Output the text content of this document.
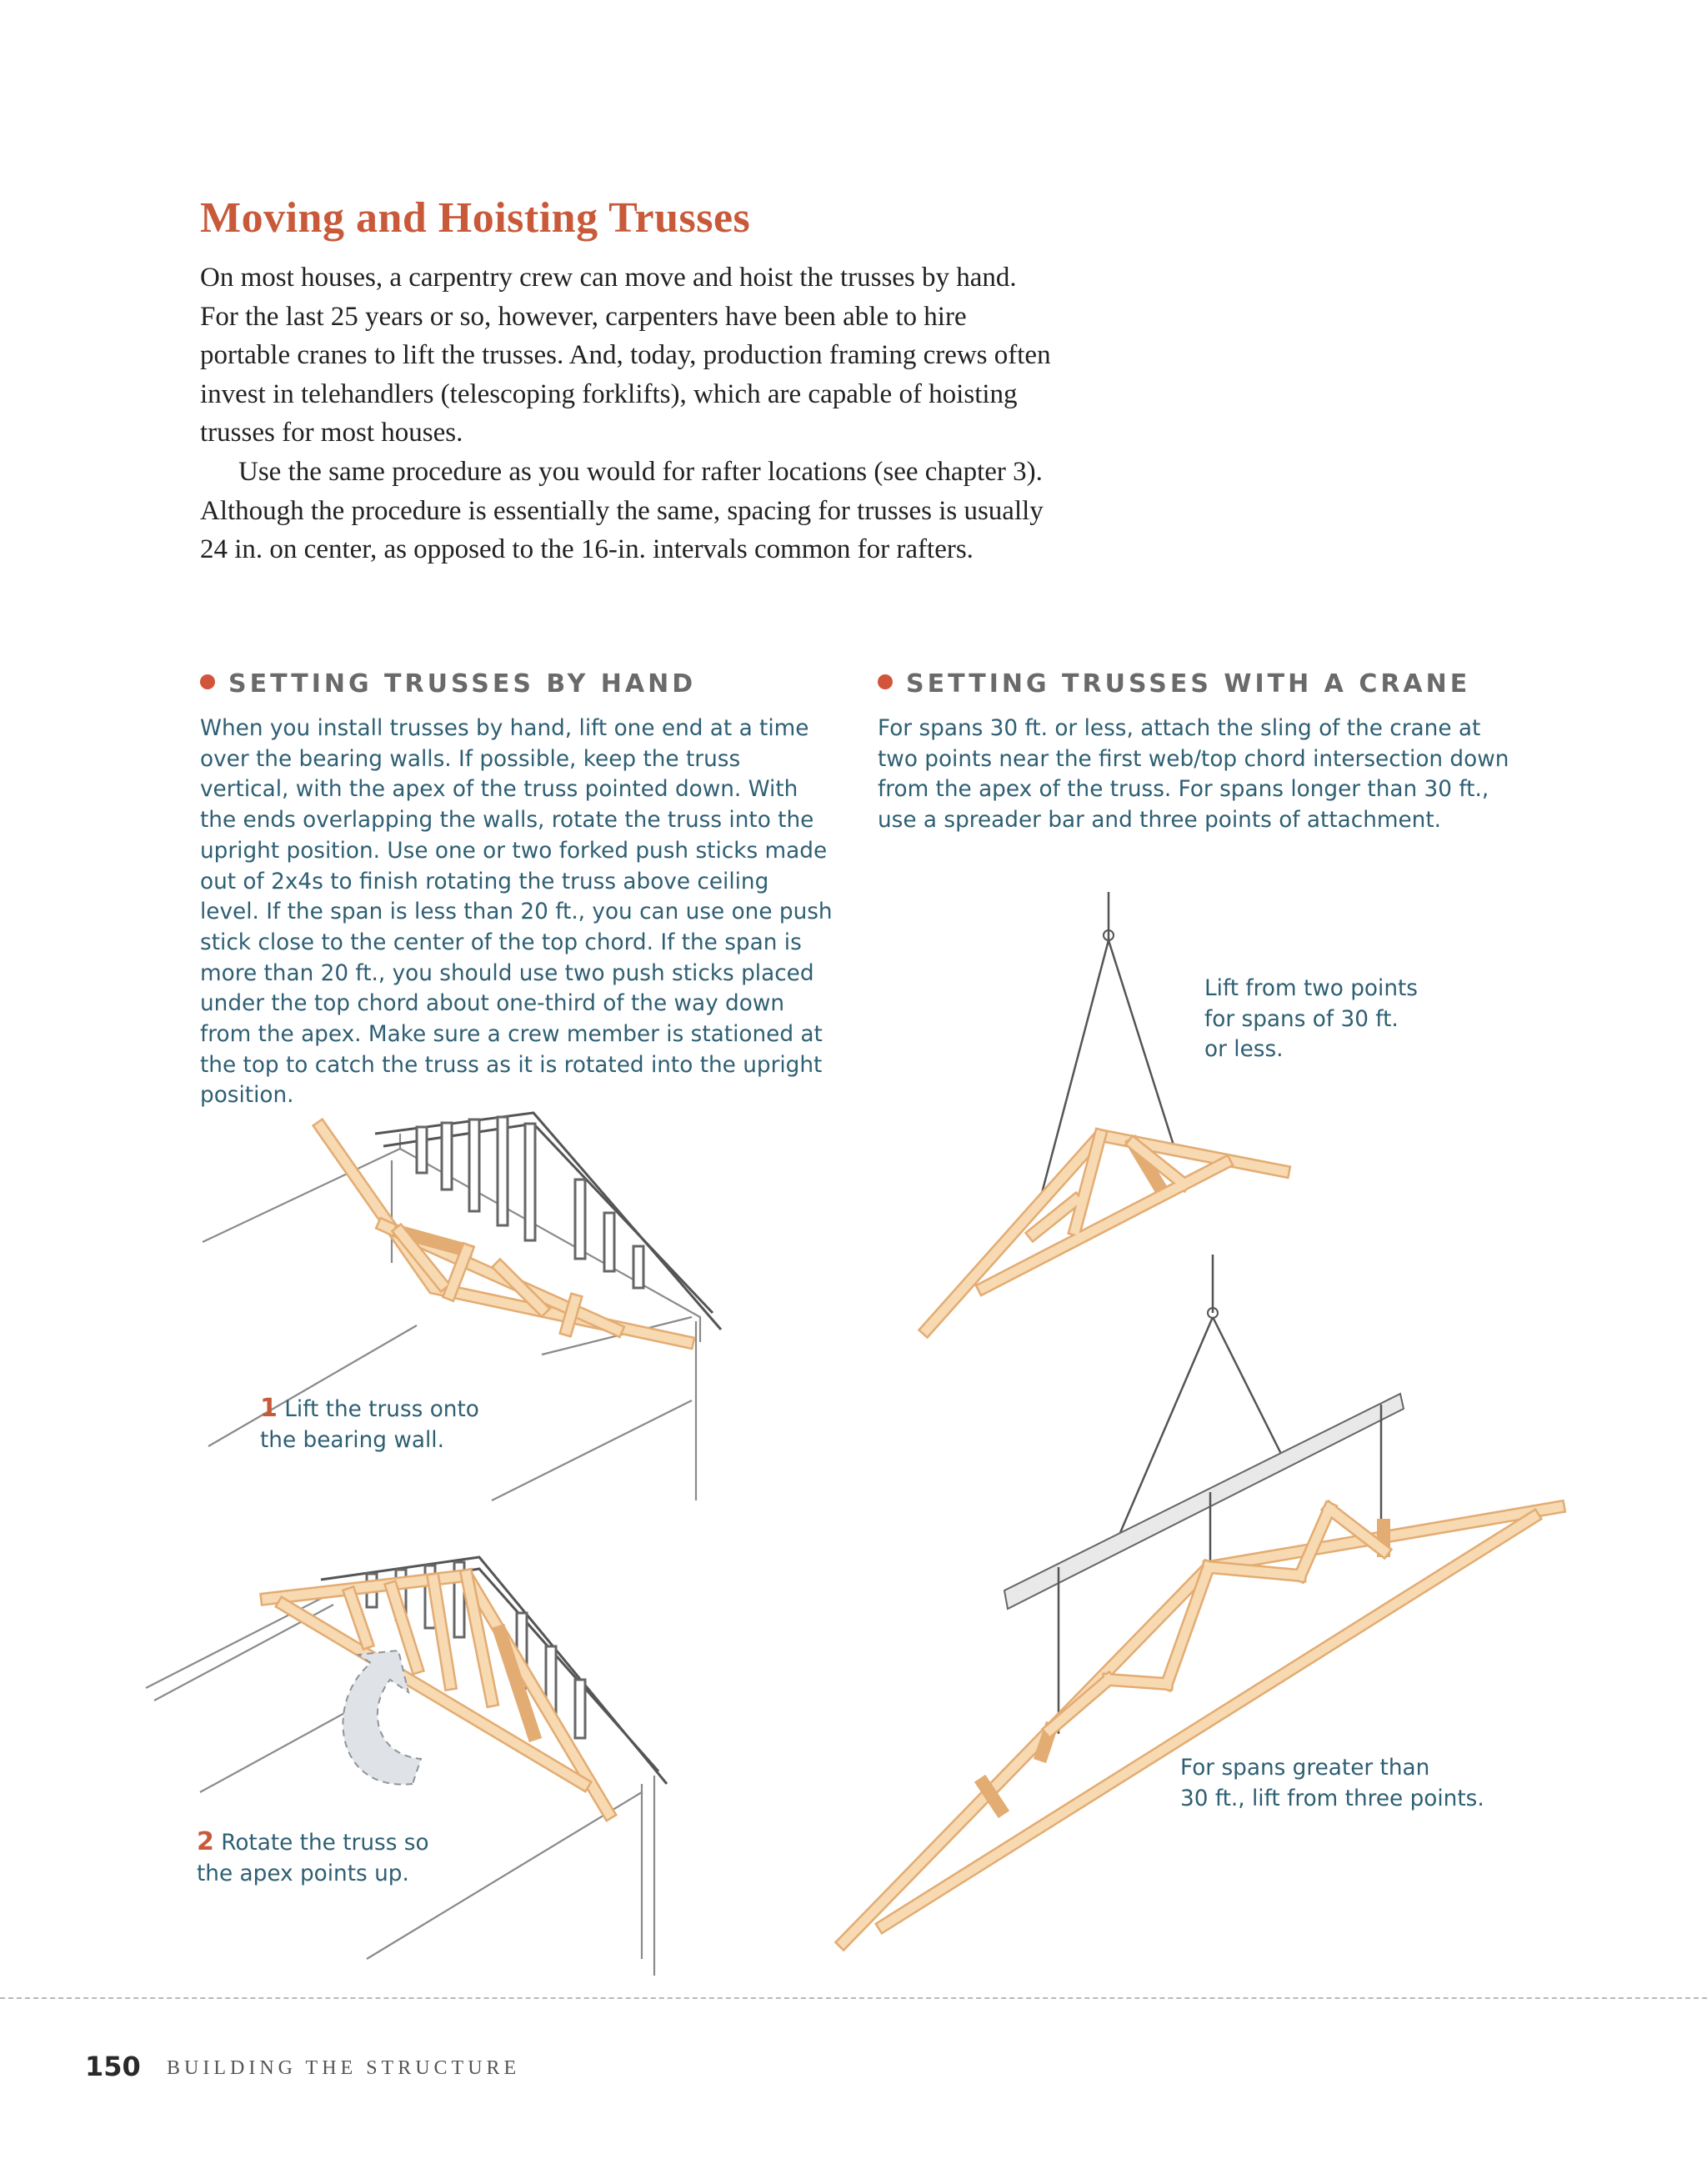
Moving and Hoisting Trusses

On most houses, a carpentry crew can move and hoist the trusses by hand. For the last 25 years or so, however, carpenters have been able to hire portable cranes to lift the trusses. And, today, production framing crews often invest in telehandlers (telescoping forklifts), which are capable of hoisting trusses for most houses.

Use the same procedure as you would for rafter locations (see chapter 3). Although the procedure is essentially the same, spacing for trusses is usually 24 in. on center, as opposed to the 16-in. intervals common for rafters.

SETTING TRUSSES BY HAND

When you install trusses by hand, lift one end at a time over the bearing walls. If possible, keep the truss vertical, with the apex of the truss pointed down. With the ends overlapping the walls, rotate the truss into the upright position. Use one or two forked push sticks made out of 2x4s to finish rotating the truss above ceiling level. If the span is less than 20 ft., you can use one push stick close to the center of the top chord. If the span is more than 20 ft., you should use two push sticks placed under the top chord about one-third of the way down from the apex. Make sure a crew member is stationed at the top to catch the truss as it is rotated into the upright position.

SETTING TRUSSES WITH A CRANE

For spans 30 ft. or less, attach the sling of the crane at two points near the first web/top chord intersection down from the apex of the truss. For spans longer than 30 ft., use a spreader bar and three points of attachment.

1 Lift the truss onto

the bearing wall.

2 Rotate the truss so

the apex points up.

Lift from two points

for spans of 30 ft.

or less.

For spans greater than

30 ft., lift from three points.

150 BUILDING THE STRUCTURE
